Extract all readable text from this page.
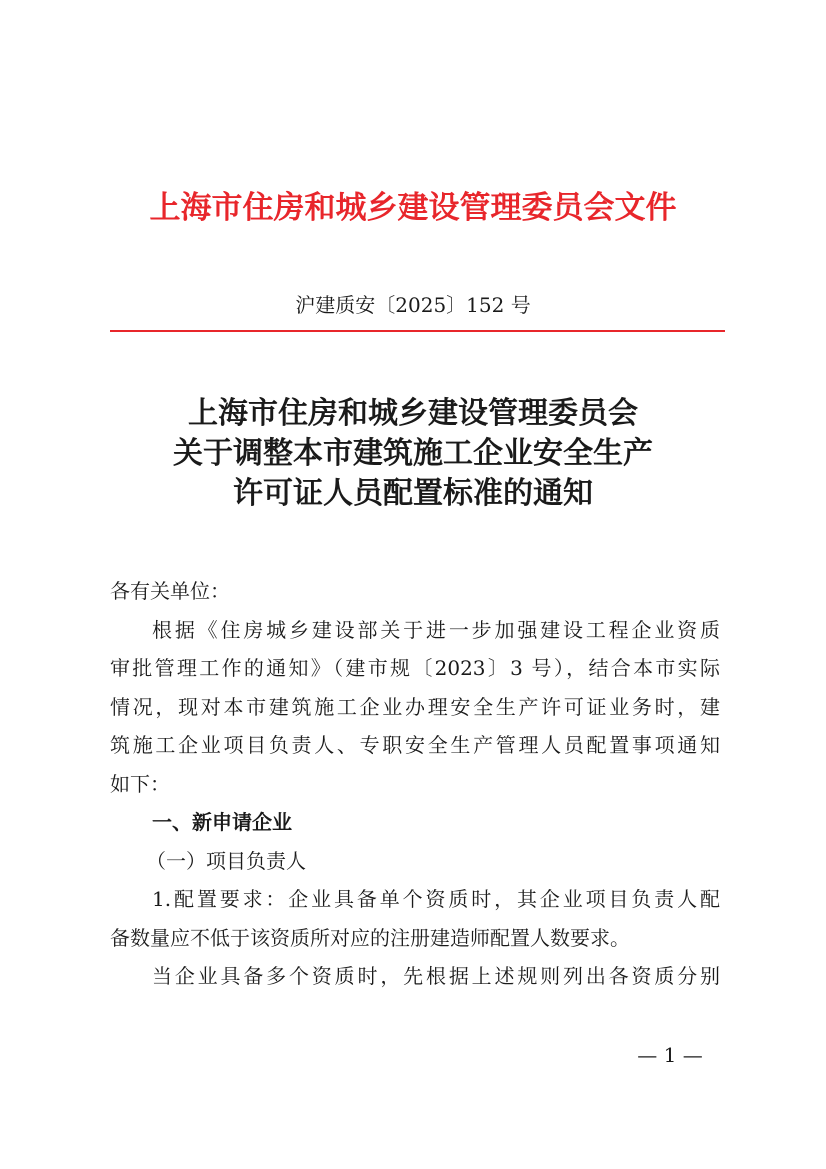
上海市住房和城乡建设管理委员会文件
沪建质安〔2025〕152 号
上海市住房和城乡建设管理委员会
关于调整本市建筑施工企业安全生产
许可证人员配置标准的通知
各有关单位：
根据《住房城乡建设部关于进一步加强建设工程企业资质
审批管理工作的通知》（建市规〔2023〕3 号），结合本市实际
情况，现对本市建筑施工企业办理安全生产许可证业务时，建
筑施工企业项目负责人、专职安全生产管理人员配置事项通知
如下：
一、新申请企业
（一）项目负责人
1.配置要求：企业具备单个资质时，其企业项目负责人配
备数量应不低于该资质所对应的注册建造师配置人数要求。
当企业具备多个资质时，先根据上述规则列出各资质分别
— 1 —
